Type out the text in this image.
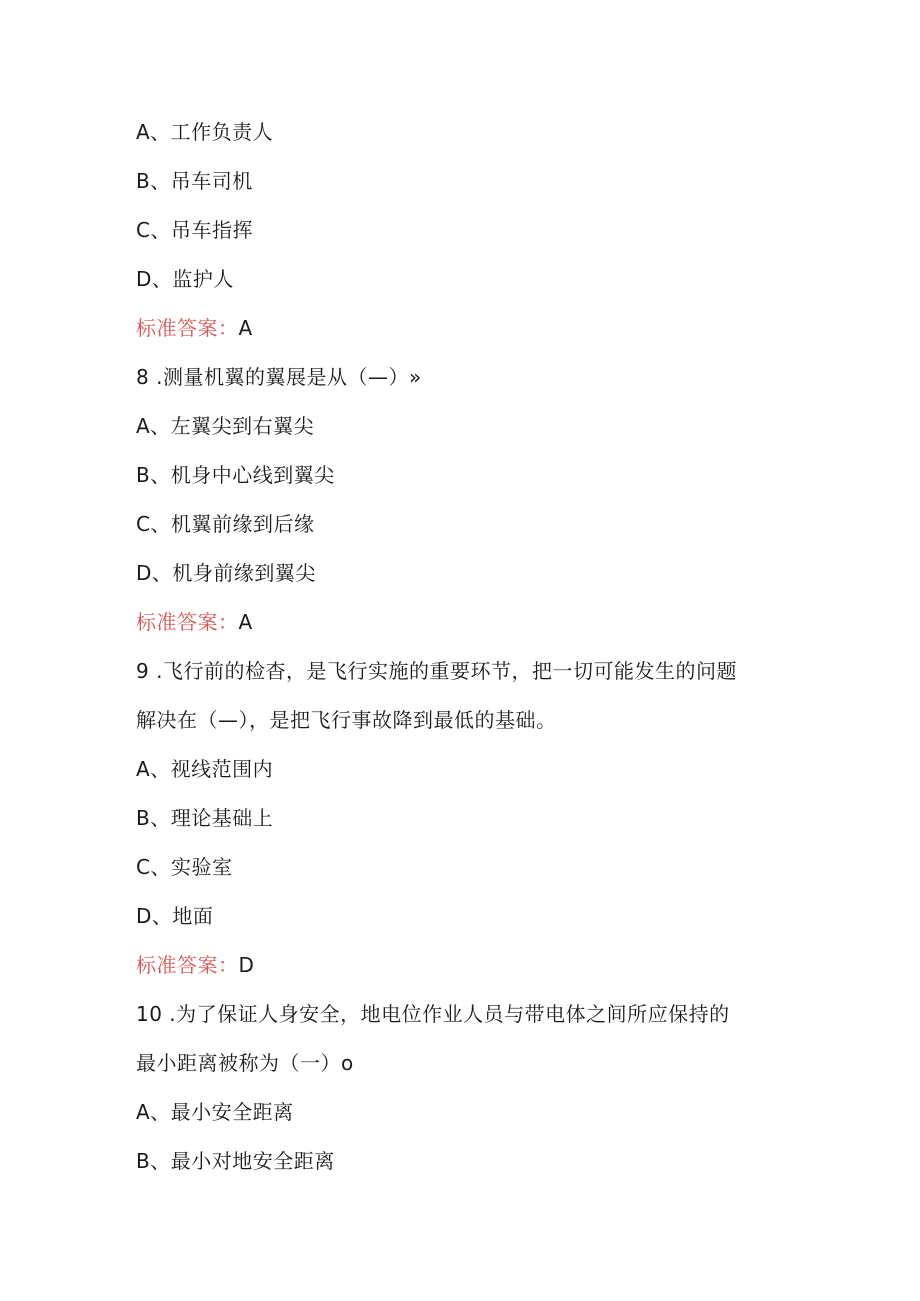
A、工作负责人
B、吊车司机
C、吊车指挥
D、监护人
标准答案：A
8 .测量机翼的翼展是从（—）»
A、左翼尖到右翼尖
B、机身中心线到翼尖
C、机翼前缘到后缘
D、机身前缘到翼尖
标准答案：A
9 .飞行前的检杳，是飞行实施的重要环节，把一切可能发生的问题
解决在（—），是把飞行事故降到最低的基础。
A、视线范围内
B、理论基础上
C、实验室
D、地面
标准答案：D
10 .为了保证人身安全，地电位作业人员与带电体之间所应保持的
最小距离被称为（一）o
A、最小安全距离
B、最小对地安全距离
